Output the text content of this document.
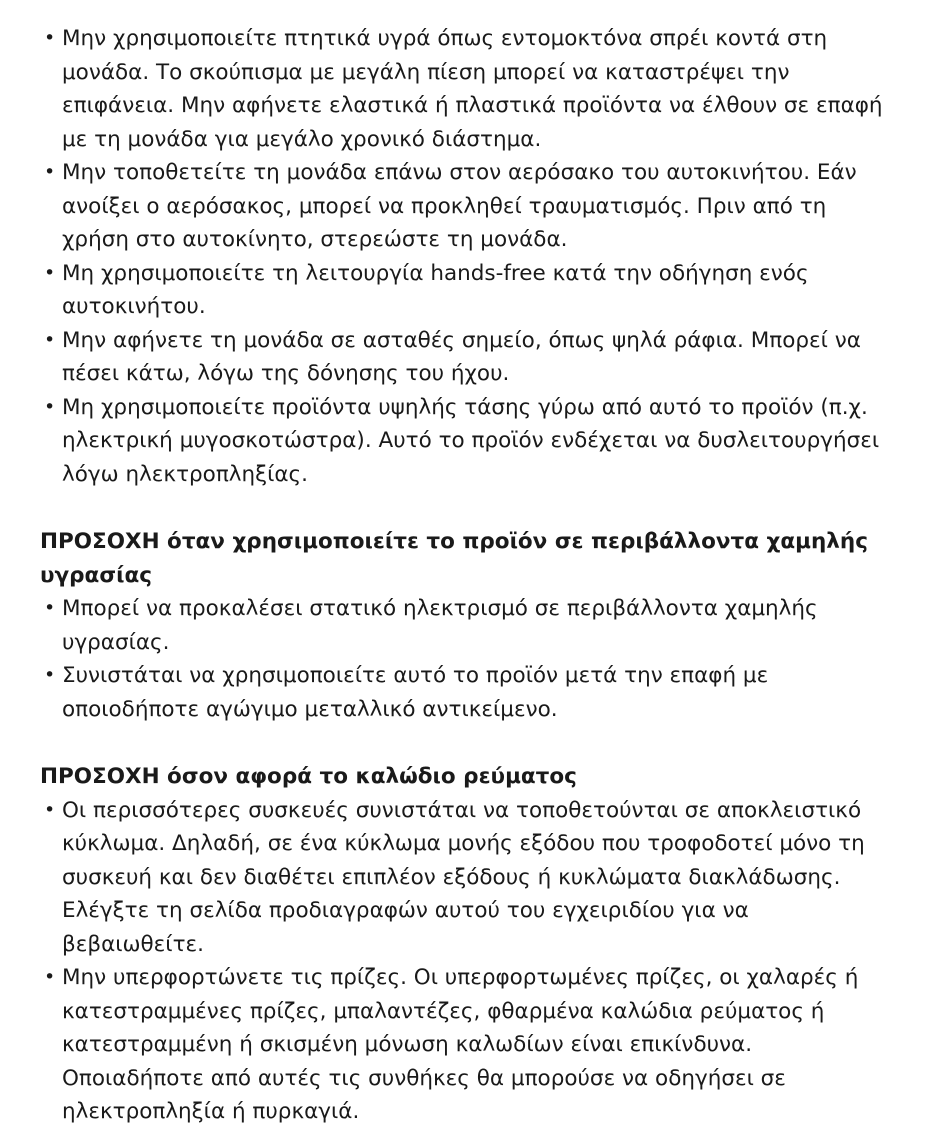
• Μην χρησιμοποιείτε πτητικά υγρά όπως εντομοκτόνα σπρέι κοντά στη μονάδα. Το σκούπισμα με μεγάλη πίεση μπορεί να καταστρέψει την επιφάνεια. Μην αφήνετε ελαστικά ή πλαστικά προϊόντα να έλθουν σε επαφή με τη μονάδα για μεγάλο χρονικό διάστημα.
• Μην τοποθετείτε τη μονάδα επάνω στον αερόσακο του αυτοκινήτου. Εάν ανοίξει ο αερόσακος, μπορεί να προκληθεί τραυματισμός. Πριν από τη χρήση στο αυτοκίνητο, στερεώστε τη μονάδα.
• Μη χρησιμοποιείτε τη λειτουργία hands-free κατά την οδήγηση ενός αυτοκινήτου.
• Μην αφήνετε τη μονάδα σε ασταθές σημείο, όπως ψηλά ράφια. Μπορεί να πέσει κάτω, λόγω της δόνησης του ήχου.
• Μη χρησιμοποιείτε προϊόντα υψηλής τάσης γύρω από αυτό το προϊόν (π.χ. ηλεκτρική μυγοσκοτώστρα). Αυτό το προϊόν ενδέχεται να δυσλειτουργήσει λόγω ηλεκτροπληξίας.
ΠΡΟΣΟΧΗ όταν χρησιμοποιείτε το προϊόν σε περιβάλλοντα χαμηλής υγρασίας
• Μπορεί να προκαλέσει στατικό ηλεκτρισμό σε περιβάλλοντα χαμηλής υγρασίας.
• Συνιστάται να χρησιμοποιείτε αυτό το προϊόν μετά την επαφή με οποιοδήποτε αγώγιμο μεταλλικό αντικείμενο.
ΠΡΟΣΟΧΗ όσον αφορά το καλώδιο ρεύματος
• Οι περισσότερες συσκευές συνιστάται να τοποθετούνται σε αποκλειστικό κύκλωμα. Δηλαδή, σε ένα κύκλωμα μονής εξόδου που τροφοδοτεί μόνο τη συσκευή και δεν διαθέτει επιπλέον εξόδους ή κυκλώματα διακλάδωσης. Ελέγξτε τη σελίδα προδιαγραφών αυτού του εγχειριδίου για να βεβαιωθείτε.
• Μην υπερφορτώνετε τις πρίζες. Οι υπερφορτωμένες πρίζες, οι χαλαρές ή κατεστραμμένες πρίζες, μπαλαντέζες, φθαρμένα καλώδια ρεύματος ή κατεστραμμένη ή σκισμένη μόνωση καλωδίων είναι επικίνδυνα. Οποιαδήποτε από αυτές τις συνθήκες θα μπορούσε να οδηγήσει σε ηλεκτροπληξία ή πυρκαγιά.
